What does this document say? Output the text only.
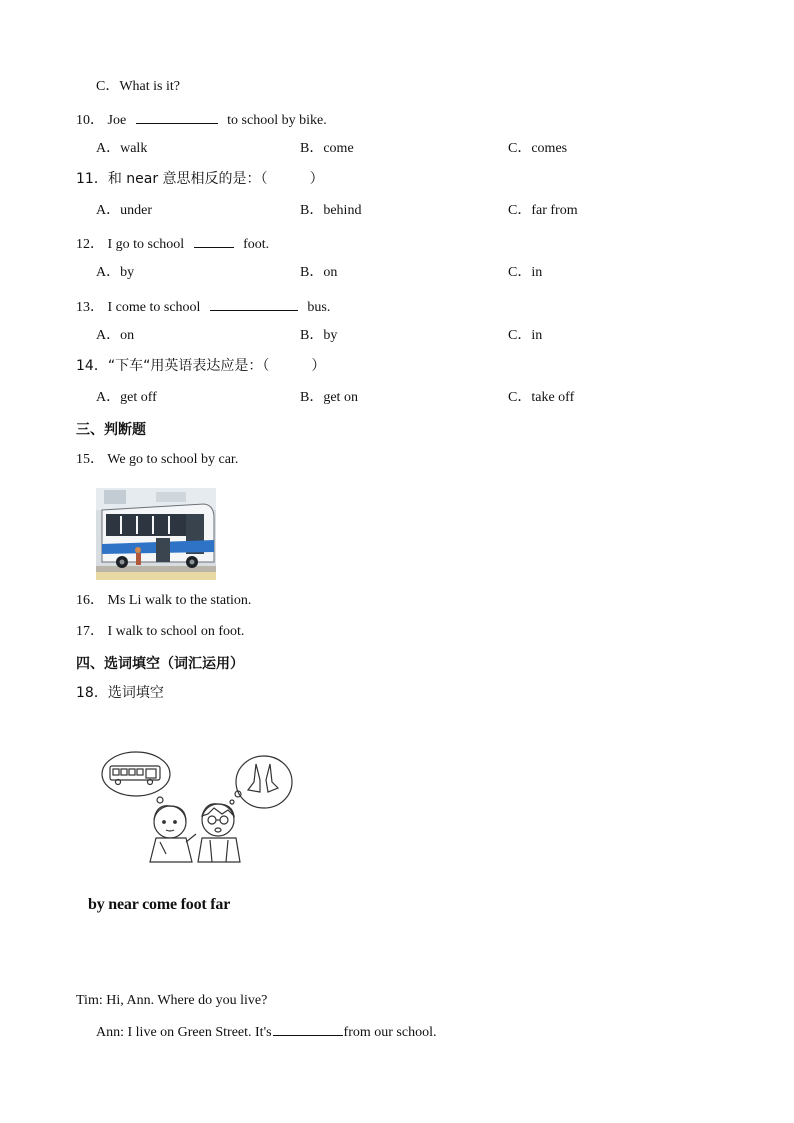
C．What is it?
10． Joe	to school by bike.
A．walk	B．come	C．comes
11．和 near 意思相反的是：（	）
A．under	B．behind	C．far from
12． I go to school	foot.
A．by	B．on	C．in
13． I come to school	bus.
A．on	B．by	C．in
14．“下车“用英语表达应是：（	）
A．get off	B．get on	C．take off
三、判断题
15． We go to school by car.
16． Ms Li walk to the station.
17． I walk to school on foot.
四、选词填空（词汇运用）
18．选词填空
by near come foot far
Tim: Hi, Ann. Where do you live?
Ann: I live on Green Street. It's	from our school.
